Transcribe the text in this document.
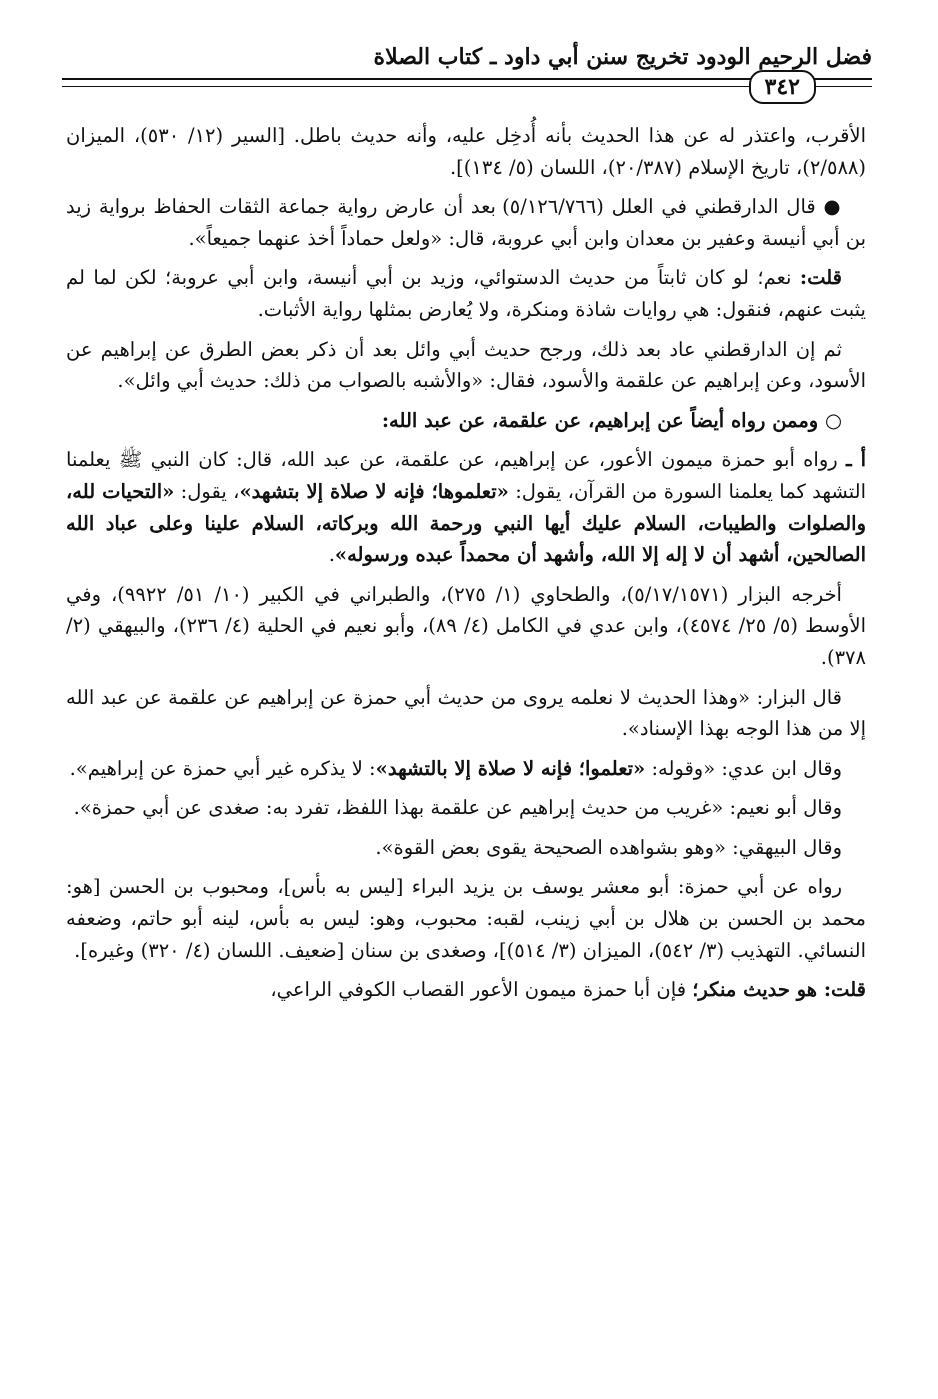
فضل الرحيم الودود تخريج سنن أبي داود ـ كتاب الصلاة
٣٤٢

الأقرب، واعتذر له عن هذا الحديث بأنه أُدخِل عليه، وأنه حديث باطل. [السير (١٢/ ٥٣٠)، الميزان (٢/٥٨٨)، تاريخ الإسلام (٢٠/٣٨٧)، اللسان (٥/ ١٣٤)].

● قال الدارقطني في العلل (٥/١٢٦/٧٦٦) بعد أن عارض رواية جماعة الثقات الحفاظ برواية زيد بن أبي أنيسة وعفير بن معدان وابن أبي عروبة، قال: «ولعل حماداً أخذ عنهما جميعاً».

قلت: نعم؛ لو كان ثابتاً من حديث الدستوائي، وزيد بن أبي أنيسة، وابن أبي عروبة؛ لكن لما لم يثبت عنهم، فنقول: هي روايات شاذة ومنكرة، ولا يُعارض بمثلها رواية الأثبات.

ثم إن الدارقطني عاد بعد ذلك، ورجح حديث أبي وائل بعد أن ذكر بعض الطرق عن إبراهيم عن الأسود، وعن إبراهيم عن علقمة والأسود، فقال: «والأشبه بالصواب من ذلك: حديث أبي وائل».

○ وممن رواه أيضاً عن إبراهيم، عن علقمة، عن عبد الله:

أ ـ رواه أبو حمزة ميمون الأعور، عن إبراهيم، عن علقمة، عن عبد الله، قال: كان النبي ﷺ يعلمنا التشهد كما يعلمنا السورة من القرآن، يقول: «تعلموها؛ فإنه لا صلاة إلا بتشهد»، يقول: «التحيات لله، والصلوات والطيبات، السلام عليك أيها النبي ورحمة الله وبركاته، السلام علينا وعلى عباد الله الصالحين، أشهد أن لا إله إلا الله، وأشهد أن محمداً عبده ورسوله».

أخرجه البزار (٥/١٧/١٥٧١)، والطحاوي (١/ ٢٧٥)، والطبراني في الكبير (١٠/ ٥١/ ٩٩٢٢)، وفي الأوسط (٥/ ٢٥/ ٤٥٧٤)، وابن عدي في الكامل (٤/ ٨٩)، وأبو نعيم في الحلية (٤/ ٢٣٦)، والبيهقي (٢/ ٣٧٨).

قال البزار: «وهذا الحديث لا نعلمه يروى من حديث أبي حمزة عن إبراهيم عن علقمة عن عبد الله إلا من هذا الوجه بهذا الإسناد».

وقال ابن عدي: «وقوله: «تعلموا؛ فإنه لا صلاة إلا بالتشهد»: لا يذكره غير أبي حمزة عن إبراهيم».

وقال أبو نعيم: «غريب من حديث إبراهيم عن علقمة بهذا اللفظ، تفرد به: صغدى عن أبي حمزة».

وقال البيهقي: «وهو بشواهده الصحيحة يقوى بعض القوة».

رواه عن أبي حمزة: أبو معشر يوسف بن يزيد البراء [ليس به بأس]، ومحبوب بن الحسن [هو: محمد بن الحسن بن هلال بن أبي زينب، لقبه: محبوب، وهو: ليس به بأس، لينه أبو حاتم، وضعفه النسائي. التهذيب (٣/ ٥٤٢)، الميزان (٣/ ٥١٤)]، وصغدى بن سنان [ضعيف. اللسان (٤/ ٣٢٠) وغيره].

قلت: هو حديث منكر؛ فإن أبا حمزة ميمون الأعور القصاب الكوفي الراعي،
